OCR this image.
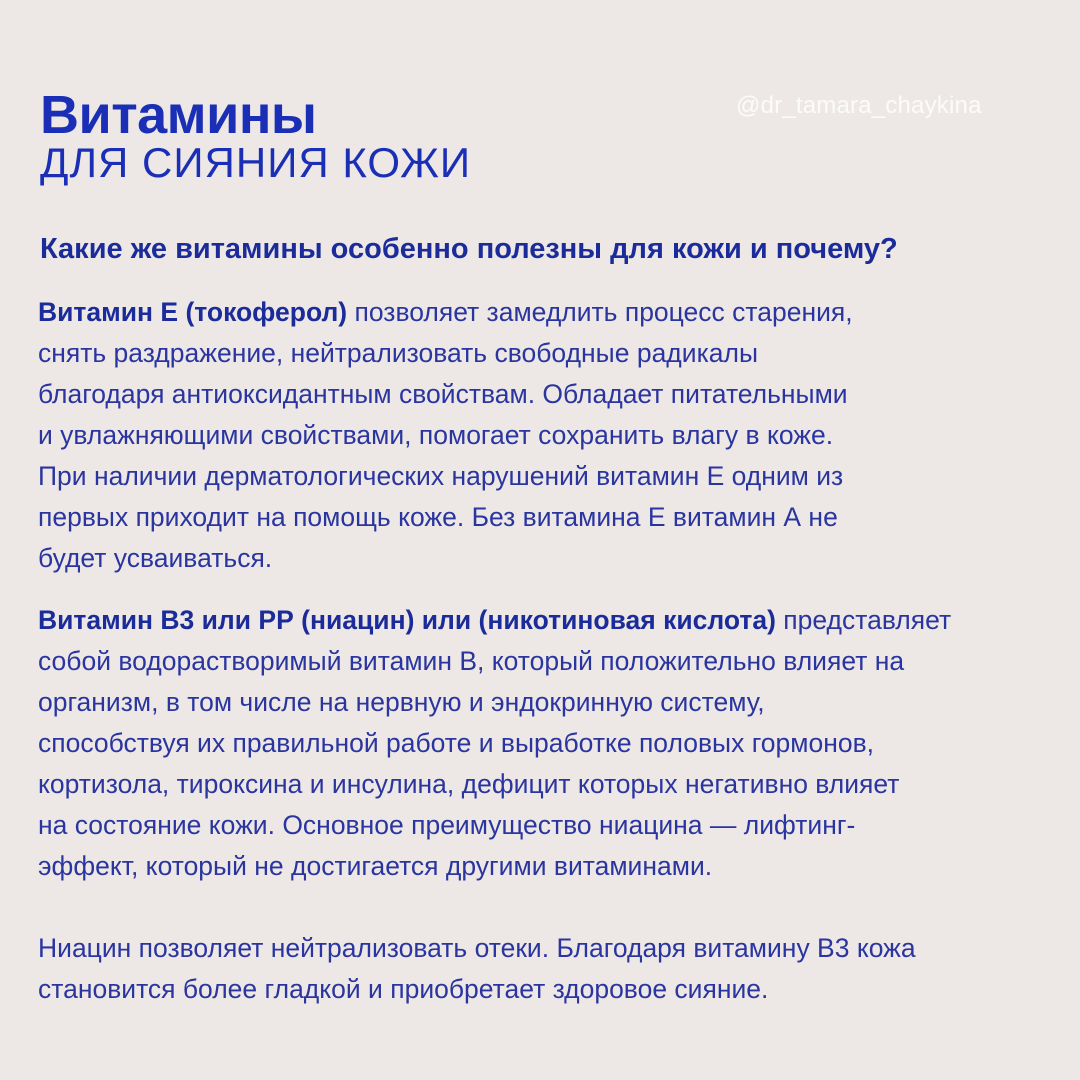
Витамины
ДЛЯ СИЯНИЯ КОЖИ
@dr_tamara_chaykina
Какие же витамины особенно полезны для кожи и почему?
Витамин Е (токоферол) позволяет замедлить процесс старения,
снять раздражение, нейтрализовать свободные радикалы
благодаря антиоксидантным свойствам. Обладает питательными
и увлажняющими свойствами, помогает сохранить влагу в коже.
При наличии дерматологических нарушений витамин Е одним из
первых приходит на помощь коже. Без витамина Е витамин А не
будет усваиваться.
Витамин В3 или РР (ниацин) или (никотиновая кислота) представляет
собой водорастворимый витамин В, который положительно влияет на
организм, в том числе на нервную и эндокринную систему,
способствуя их правильной работе и выработке половых гормонов,
кортизола, тироксина и инсулина, дефицит которых негативно влияет
на состояние кожи. Основное преимущество ниацина — лифтинг-
эффект, который не достигается другими витаминами.
Ниацин позволяет нейтрализовать отеки. Благодаря витамину В3 кожа
становится более гладкой и приобретает здоровое сияние.
